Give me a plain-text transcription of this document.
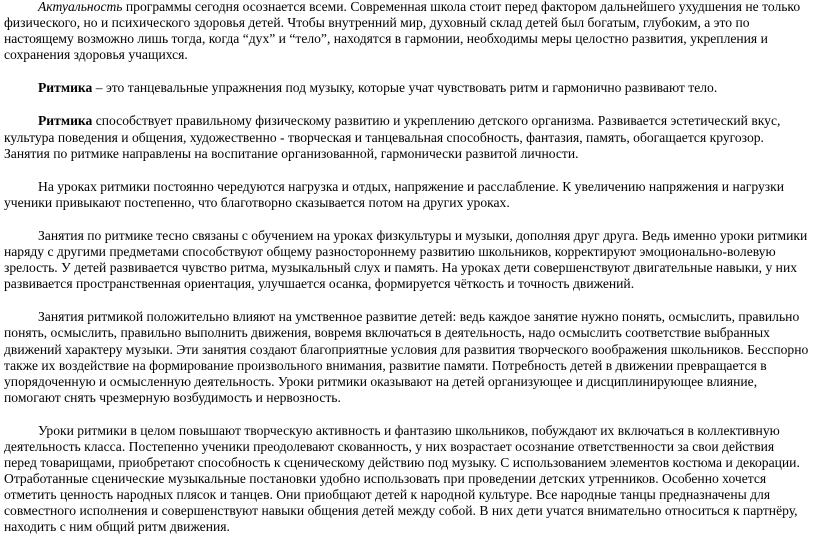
Актуальность программы сегодня осознается всеми. Современная школа стоит перед фактором дальнейшего ухудшения не только физического, но и психического здоровья детей. Чтобы внутренний мир, духовный склад детей был богатым, глубоким, а это по настоящему возможно лишь тогда, когда “дух” и “тело”, находятся в гармонии, необходимы меры целостно развития, укрепления и сохранения здоровья учащихся.

Ритмика – это танцевальные упражнения под музыку, которые учат чувствовать ритм и гармонично развивают тело.

Ритмика способствует правильному физическому развитию и укреплению детского организма. Развивается эстетический вкус, культура поведения и общения, художественно - творческая и танцевальная способность, фантазия, память, обогащается кругозор. Занятия по ритмике направлены на воспитание организованной, гармонически развитой личности.

На уроках ритмики постоянно чередуются нагрузка и отдых, напряжение и расслабление. К увеличению напряжения и нагрузки ученики привыкают постепенно, что благотворно сказывается потом на других уроках.

Занятия по ритмике тесно связаны с обучением на уроках физкультуры и музыки, дополняя друг друга. Ведь именно уроки ритмики наряду с другими предметами способствуют общему разностороннему развитию школьников, корректируют эмоционально-волевую зрелость. У детей развивается чувство ритма, музыкальный слух и память. На уроках дети совершенствуют двигательные навыки, у них развивается пространственная ориентация, улучшается осанка, формируется чёткость и точность движений.

Занятия ритмикой положительно влияют на умственное развитие детей: ведь каждое занятие нужно понять, осмыслить, правильно понять, осмыслить, правильно выполнить движения, вовремя включаться в деятельность, надо осмыслить соответствие выбранных движений характеру музыки. Эти занятия создают благоприятные условия для развития творческого воображения школьников. Бесспорно также их воздействие на формирование произвольного внимания, развитие памяти. Потребность детей в движении превращается в упорядоченную и осмысленную деятельность. Уроки ритмики оказывают на детей организующее и дисциплинирующее влияние, помогают снять чрезмерную возбудимость и нервозность.

Уроки ритмики в целом повышают творческую активность и фантазию школьников, побуждают их включаться в коллективную деятельность класса. Постепенно ученики преодолевают скованность, у них возрастает осознание ответственности за свои действия перед товарищами, приобретают способность к сценическому действию под музыку. С использованием элементов костюма и декорации. Отработанные сценические музыкальные постановки удобно использовать при проведении детских утренников. Особенно хочется отметить ценность народных плясок и танцев. Они приобщают детей к народной культуре. Все народные танцы предназначены для совместного исполнения и совершенствуют навыки общения детей между собой. В них дети учатся внимательно относиться к партнёру, находить с ним общий ритм движения.
